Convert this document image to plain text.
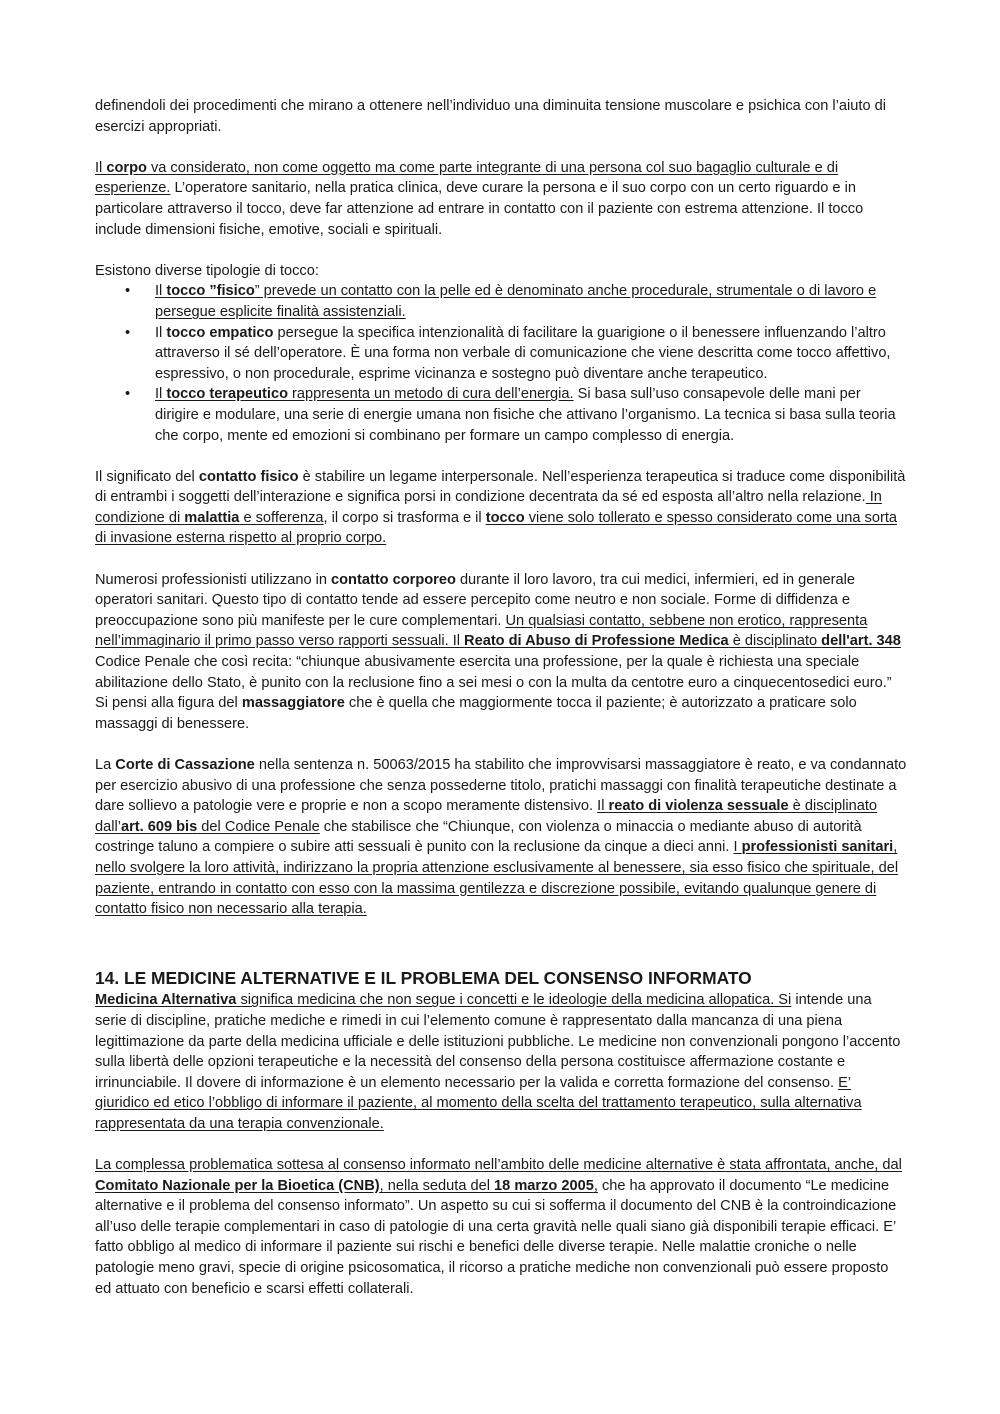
definendoli dei procedimenti che mirano a ottenere nell’individuo una diminuita tensione muscolare e psichica con l’aiuto di esercizi appropriati.

Il corpo va considerato, non come oggetto ma come parte integrante di una persona col suo bagaglio culturale e di esperienze. L’operatore sanitario, nella pratica clinica, deve curare la persona e il suo corpo con un certo riguardo e in particolare attraverso il tocco, deve far attenzione ad entrare in contatto con il paziente con estrema attenzione. Il tocco include dimensioni fisiche, emotive, sociali e spirituali.

Esistono diverse tipologie di tocco:
• Il tocco ”fisico” prevede un contatto con la pelle ed è denominato anche procedurale, strumentale o di lavoro e persegue esplicite finalità assistenziali.
• Il tocco empatico persegue la specifica intenzionalità di facilitare la guarigione o il benessere influenzando l’altro attraverso il sé dell’operatore. È una forma non verbale di comunicazione che viene descritta come tocco affettivo, espressivo, o non procedurale, esprime vicinanza e sostegno può diventare anche terapeutico.
• Il tocco terapeutico rappresenta un metodo di cura dell’energia. Si basa sull’uso consapevole delle mani per dirigire e modulare, una serie di energie umana non fisiche che attivano l’organismo. La tecnica si basa sulla teoria che corpo, mente ed emozioni si combinano per formare un campo complesso di energia.

Il significato del contatto fisico è stabilire un legame interpersonale. Nell’esperienza terapeutica si traduce come disponibilità di entrambi i soggetti dell’interazione e significa porsi in condizione decentrata da sé ed esposta all’altro nella relazione. In condizione di malattia e sofferenza, il corpo si trasforma e il tocco viene solo tollerato e spesso considerato come una sorta di invasione esterna rispetto al proprio corpo.

Numerosi professionisti utilizzano in contatto corporeo durante il loro lavoro, tra cui medici, infermieri, ed in generale operatori sanitari. Questo tipo di contatto tende ad essere percepito come neutro e non sociale. Forme di diffidenza e preoccupazione sono più manifeste per le cure complementari. Un qualsiasi contatto, sebbene non erotico, rappresenta nell’immaginario il primo passo verso rapporti sessuali. Il Reato di Abuso di Professione Medica è disciplinato dell'art. 348 Codice Penale che così recita: “chiunque abusivamente esercita una professione, per la quale è richiesta una speciale abilitazione dello Stato, è punito con la reclusione fino a sei mesi o con la multa da centotre euro a cinquecentosedici euro.” Si pensi alla figura del massaggiatore che è quella che maggiormente tocca il paziente; è autorizzato a praticare solo massaggi di benessere.

La Corte di Cassazione nella sentenza n. 50063/2015 ha stabilito che improvvisarsi massaggiatore è reato, e va condannato per esercizio abusivo di una professione che senza possederne titolo, pratichi massaggi con finalità terapeutiche destinate a dare sollievo a patologie vere e proprie e non a scopo meramente distensivo. Il reato di violenza sessuale è disciplinato dall’art. 609 bis del Codice Penale che stabilisce che “Chiunque, con violenza o minaccia o mediante abuso di autorità costringe taluno a compiere o subire atti sessuali è punito con la reclusione da cinque a dieci anni. I professionisti sanitari, nello svolgere la loro attività, indirizzano la propria attenzione esclusivamente al benessere, sia esso fisico che spirituale, del paziente, entrando in contatto con esso con la massima gentilezza e discrezione possibile, evitando qualunque genere di contatto fisico non necessario alla terapia.

14. LE MEDICINE ALTERNATIVE E IL PROBLEMA DEL CONSENSO INFORMATO

Medicina Alternativa significa medicina che non segue i concetti e le ideologie della medicina allopatica. Si intende una serie di discipline, pratiche mediche e rimedi in cui l’elemento comune è rappresentato dalla mancanza di una piena legittimazione da parte della medicina ufficiale e delle istituzioni pubbliche. Le medicine non convenzionali pongono l’accento sulla libertà delle opzioni terapeutiche e la necessità del consenso della persona costituisce affermazione costante e irrinunciabile. Il dovere di informazione è un elemento necessario per la valida e corretta formazione del consenso. E’ giuridico ed etico l’obbligo di informare il paziente, al momento della scelta del trattamento terapeutico, sulla alternativa rappresentata da una terapia convenzionale.

La complessa problematica sottesa al consenso informato nell’ambito delle medicine alternative è stata affrontata, anche, dal Comitato Nazionale per la Bioetica (CNB), nella seduta del 18 marzo 2005, che ha approvato il documento “Le medicine alternative e il problema del consenso informato”. Un aspetto su cui si sofferma il documento del CNB è la controindicazione all’uso delle terapie complementari in caso di patologie di una certa gravità nelle quali siano già disponibili terapie efficaci. E’ fatto obbligo al medico di informare il paziente sui rischi e benefici delle diverse terapie. Nelle malattie croniche o nelle patologie meno gravi, specie di origine psicosomatica, il ricorso a pratiche mediche non convenzionali può essere proposto ed attuato con beneficio e scarsi effetti collaterali.
